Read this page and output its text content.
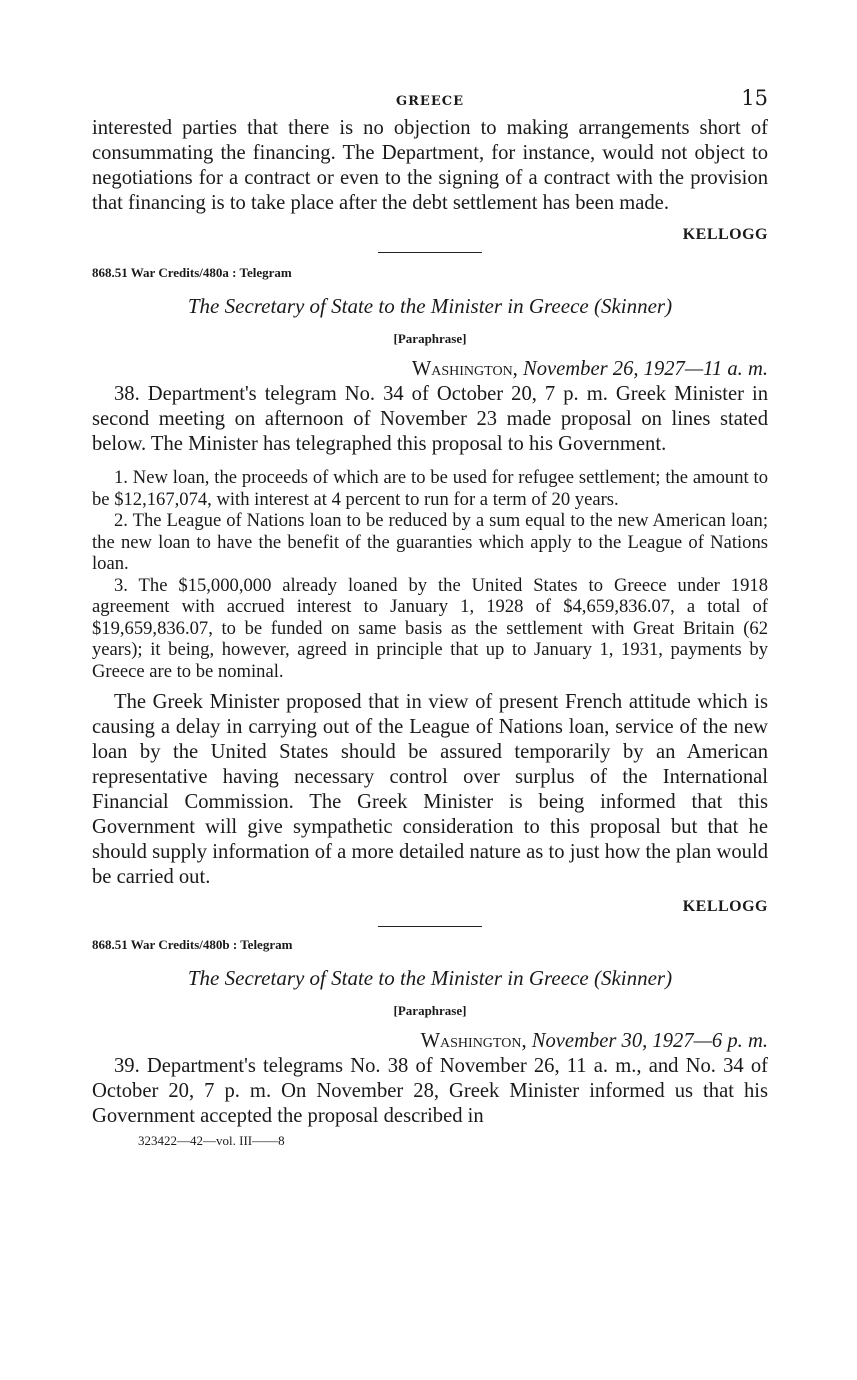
GREECE	15

interested parties that there is no objection to making arrangements short of consummating the financing. The Department, for instance, would not object to negotiations for a contract or even to the signing of a contract with the provision that financing is to take place after the debt settlement has been made.

KELLOGG
868.51 War Credits/480a : Telegram
The Secretary of State to the Minister in Greece (Skinner)
[Paraphrase]
Washington, November 26, 1927—11 a. m.

38. Department's telegram No. 34 of October 20, 7 p. m. Greek Minister in second meeting on afternoon of November 23 made proposal on lines stated below. The Minister has telegraphed this proposal to his Government.

1. New loan, the proceeds of which are to be used for refugee settlement; the amount to be $12,167,074, with interest at 4 percent to run for a term of 20 years.

2. The League of Nations loan to be reduced by a sum equal to the new American loan; the new loan to have the benefit of the guaranties which apply to the League of Nations loan.

3. The $15,000,000 already loaned by the United States to Greece under 1918 agreement with accrued interest to January 1, 1928 of $4,659,836.07, a total of $19,659,836.07, to be funded on same basis as the settlement with Great Britain (62 years); it being, however, agreed in principle that up to January 1, 1931, payments by Greece are to be nominal.

The Greek Minister proposed that in view of present French attitude which is causing a delay in carrying out of the League of Nations loan, service of the new loan by the United States should be assured temporarily by an American representative having necessary control over surplus of the International Financial Commission. The Greek Minister is being informed that this Government will give sympathetic consideration to this proposal but that he should supply information of a more detailed nature as to just how the plan would be carried out.

KELLOGG
868.51 War Credits/480b : Telegram
The Secretary of State to the Minister in Greece (Skinner)
[Paraphrase]
Washington, November 30, 1927—6 p. m.

39. Department's telegrams No. 38 of November 26, 11 a. m., and No. 34 of October 20, 7 p. m. On November 28, Greek Minister informed us that his Government accepted the proposal described in

323422—42—vol. III——8
